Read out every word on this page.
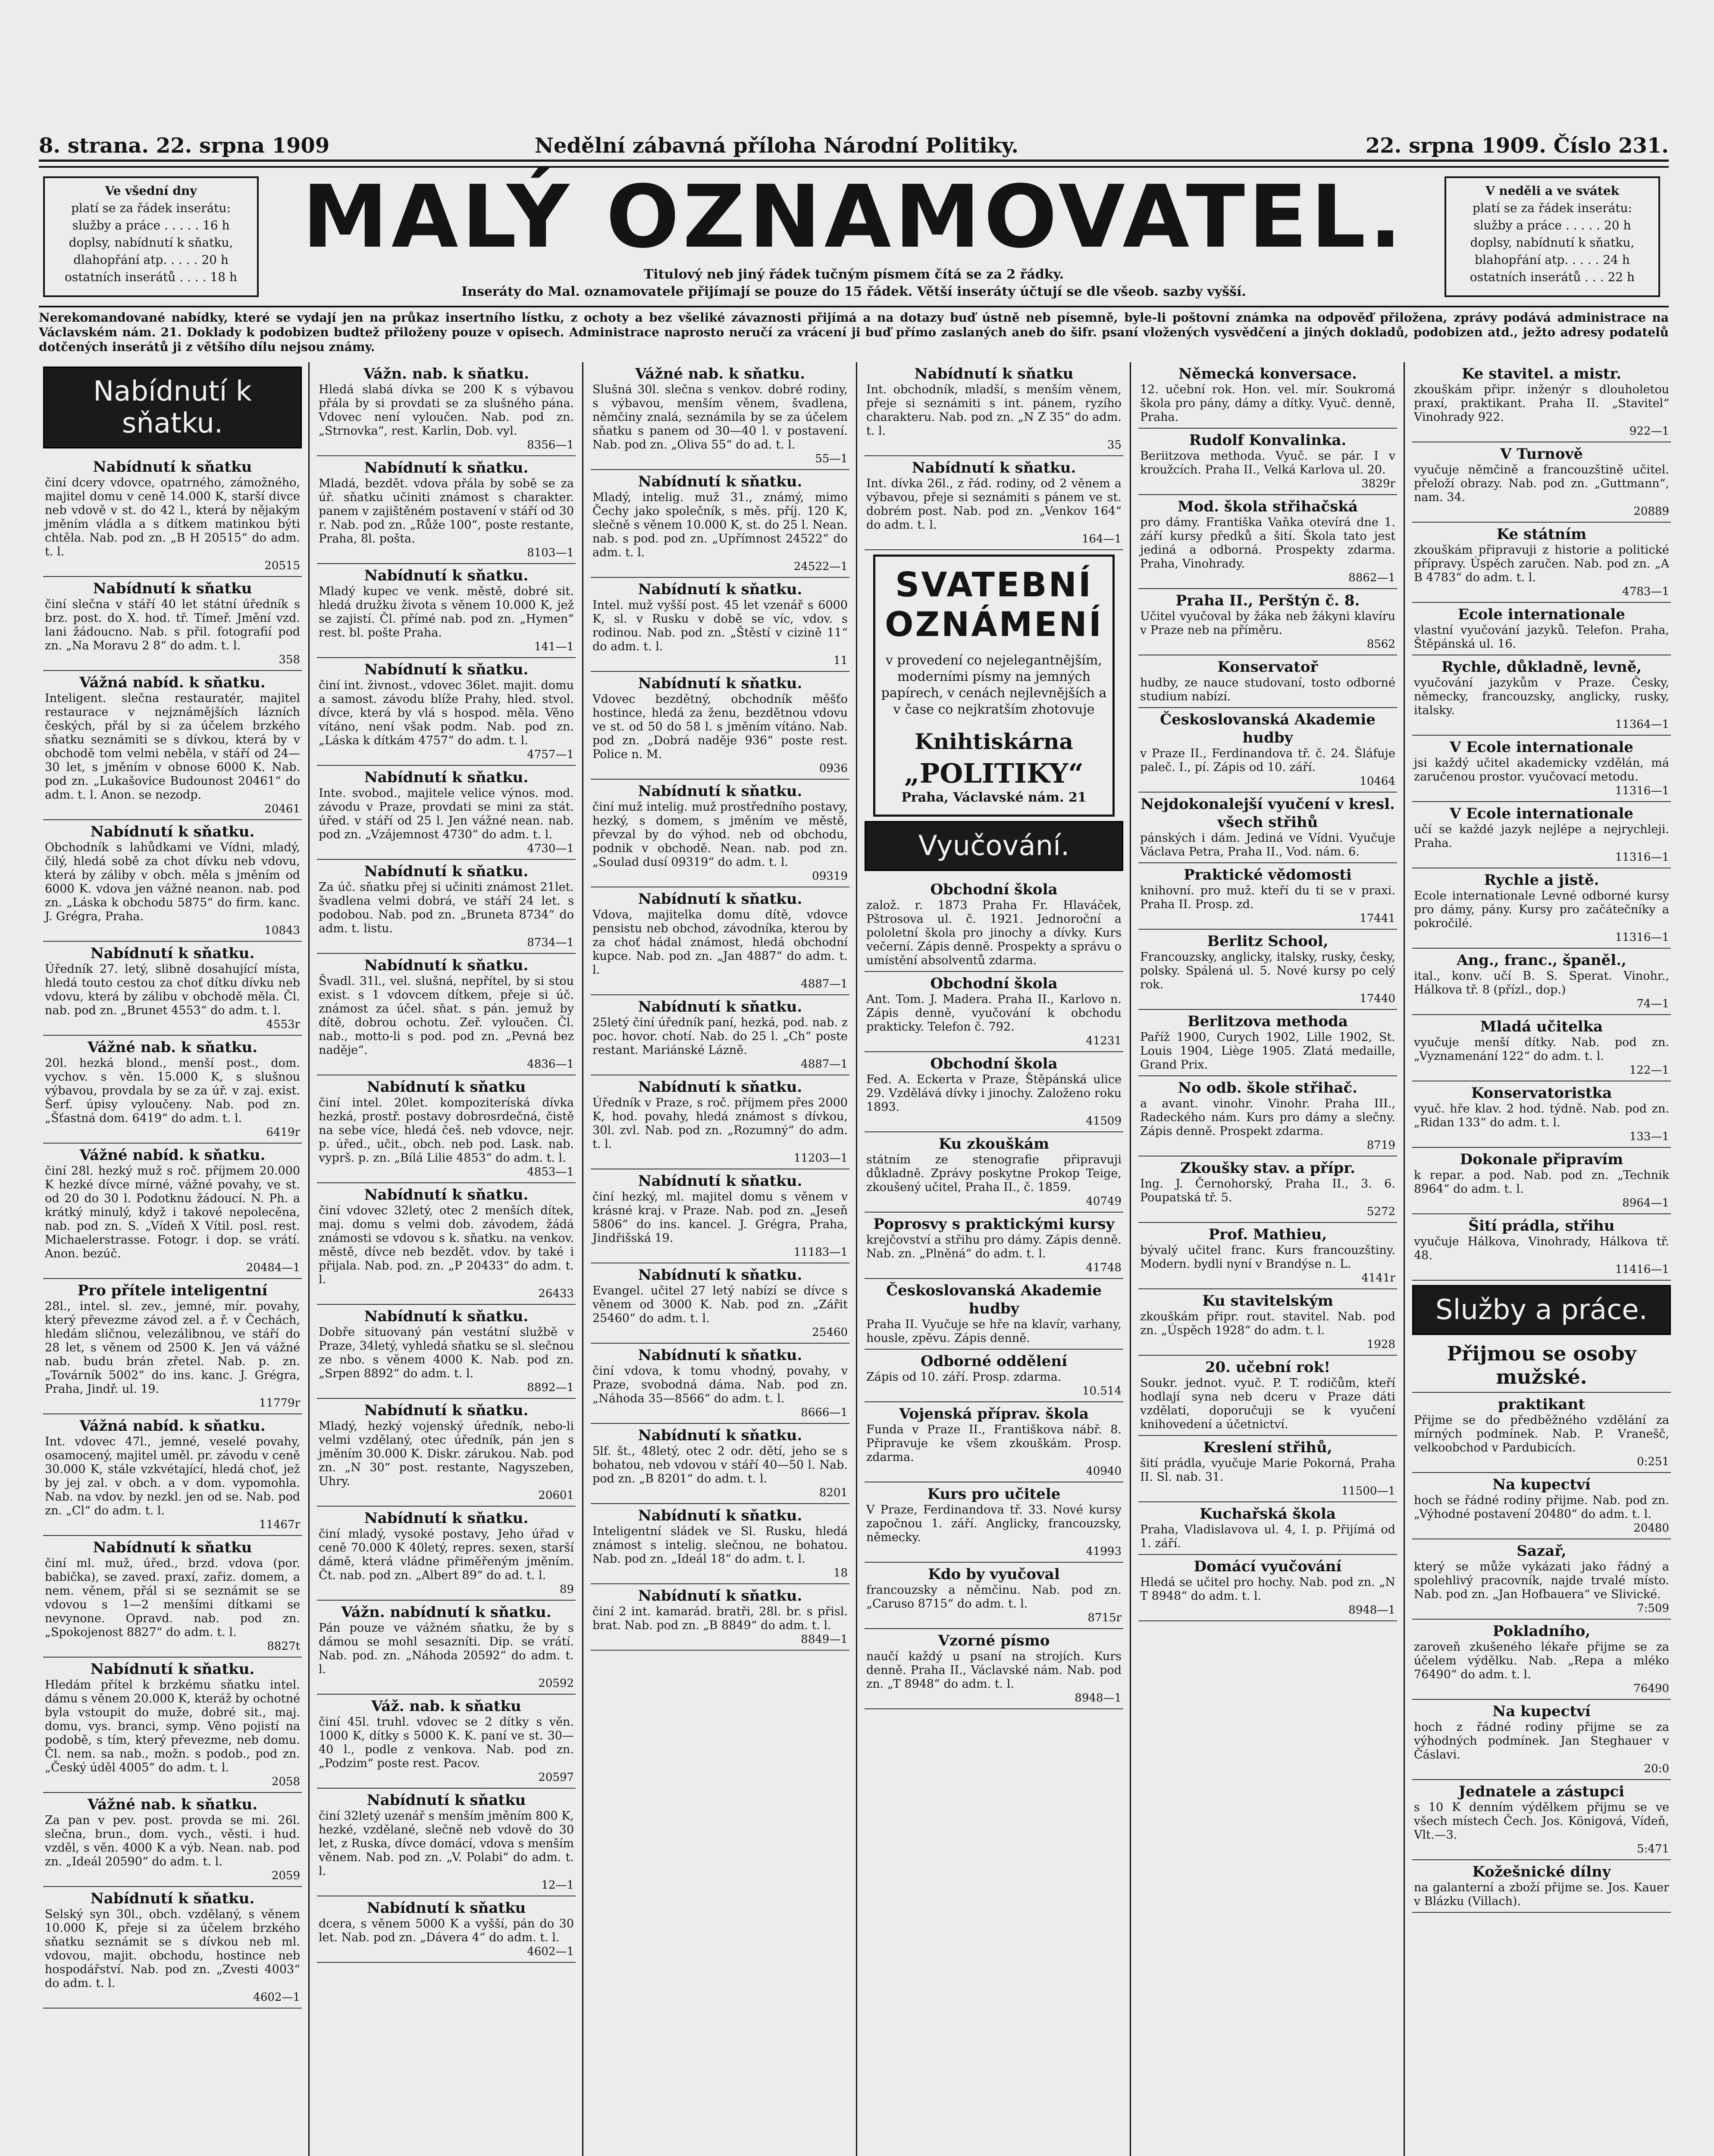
8. strana. 22. srpna 1909	Nedělní zábavná příloha Národní Politiky.	22. srpna 1909. Číslo 231.
Ve všední dny
platí se za řádek inserátu:
služby a práce . . . . . 16 h
doplsy, nabídnutí k sňatku,
dlahopřání atp. . . . . 20 h
ostatních inserátů . . . . 18 h
MALÝ OZNAMOVATEL.
Titulový neb jiný řádek tučným písmem čítá se za 2 řádky.
Inseráty do Mal. oznamovatele přijímají se pouze do 15 řádek. Větší inseráty účtují se dle všeob. sazby vyšší.
V neděli a ve svátek
platí se za řádek inserátu:
služby a práce . . . . . 20 h
doplsy, nabídnutí k sňatku,
blahopřání atp. . . . . 24 h
ostatních inserátů . . . 22 h
Nerekomandované nabídky, které se vydají jen na průkaz insertního lístku, z ochoty a bez všeliké závaznosti přijímá a na dotazy buď ústně neb písemně, byle-li poštovní známka na odpověď přiložena, zprávy podává administrace na Václavském nám. 21. Doklady k podobizen budtež přiloženy pouze v opisech. Administrace naprosto neručí za vrácení ji buď přímo zaslaných aneb do šifr. psaní vložených vysvědčení a jiných dokladů, podobizen atd., ježto adresy podatelů dotčených inserátů ji z většího dílu nejsou známy.
Nabídnutí k sňatku.
Nabídnutí k sňatku
činí dcery vdovce, opatrného, zámožného, majitel domu v ceně 14.000 K, starší divce neb vdově v st. do 42 l., která by nějakým jměním vládla a s dítkem matinkou býti chtěla. Nab. pod zn. „B H 20515“ do adm. t. l.
20515
Nabídnutí k sňatku
činí slečna v stáří 40 let státní úředník s brz. post. do X. hod. tř. Tímeř. Jmění vzd. lani žádoucno. Nab. s přil. fotografií pod zn. „Na Moravu 2 8“ do adm. t. l.
358
Vážná nabíd. k sňatku.
Inteligent. slečna restauratér, majitel restaurace v nejznámějších lázních českých, přál by si za účelem brzkého sňatku seznámiti se s dívkou, která by v obchodě tom velmi neběla, v stáří od 24—30 let, s jměním v obnose 6000 K. Nab. pod zn. „Lukašovice Budounost 20461“ do adm. t. l. Anon. se nezodp.
20461
Nabídnutí k sňatku.
Obchodník s lahůdkami ve Vídni, mladý, čilý, hledá sobě za chot dívku neb vdovu, která by záliby v obch. měla s jměním od 6000 K. vdova jen vážné neanon. nab. pod zn. „Láska k obchodu 5875“ do firm. kanc. J. Grégra, Praha.
10843
Nabídnutí k sňatku.
Úředník 27. letý, slibně dosahující místa, hledá touto cestou za choť dítku dívku neb vdovu, která by zálibu v obchodě měla. Čl. nab. pod zn. „Brunet 4553“ do adm. t. l.
4553r
Vážné nab. k sňatku.
20l. hezká blond., menší post., dom. vychov. s věn. 15.000 K, s slušnou výbavou, provdala by se za úř. v zaj. exist. Šerf. úpisy vyloučeny. Nab. pod zn. „Šťastná dom. 6419“ do adm. t. l.
6419r
Vážné nabíd. k sňatku.
činí 28l. hezký muž s roč. příjmem 20.000 K hezké dívce mírné, vážné povahy, ve st. od 20 do 30 l. Podotknu žádoucí. N. Ph. a krátký minulý, když i takové nepolecěna, nab. pod zn. S. „Vídeň X Vítil. posl. rest. Michaelerstrasse. Fotogr. i dop. se vrátí. Anon. bezúč.
20484—1
Pro přítele inteligentní
28l., intel. sl. zev., jemné, mír. povahy, který převezme závod zel. a ř. v Čechách, hledám sličnou, velezálibnou, ve stáří do 28 let, s věnem od 2500 K. Jen vá vážné nab. budu brán zřetel. Nab. p. zn. „Továrník 5002“ do ins. kanc. J. Grégra, Praha, Jindř. ul. 19.
11779r
Vážná nabíd. k sňatku.
Int. vdovec 47l., jemné, veselé povahy, osamocený, majitel uměl. pr. závodu v ceně 30.000 K, stále vzkvétající, hledá choť, jež by jej zal. v obch. a v dom. vypomohla. Nab. na vdov. by nezkl. jen od se. Nab. pod zn. „Cl“ do adm. t. l.
11467r
Nabídnutí k sňatku
činí ml. muž, úřed., brzd. vdova (por. babička), se zaved. praxí, zařiz. domem, a nem. věnem, přál si se seznámit se se vdovou s 1—2 menšími dítkami se nevynone. Opravd. nab. pod zn. „Spokojenost 8827“ do adm. t. l.
8827t
Nabídnutí k sňatku.
Hledám přítel k brzkému sňatku intel. dámu s věnem 20.000 K, kteráž by ochotné byla vstoupit do muže, dobré sit., maj. domu, vys. branci, symp. Věno pojistí na podobě, s tím, který převezme, neb domu. Čl. nem. sa nab., možn. s podob., pod zn. „Český úděl 4005“ do adm. t. l.
2058
Vážné nab. k sňatku.
Za pan v pev. post. provda se mi. 26l. slečna, brun., dom. vych., věsti. i hud. vzděl, s věn. 4000 K a výb. Nean. nab. pod zn. „Ideál 20590“ do adm. t. l.
2059
Nabídnutí k sňatku.
Selský syn 30l., obch. vzdělaný, s věnem 10.000 K, přeje si za účelem brzkého sňatku seznámit se s dívkou neb ml. vdovou, majit. obchodu, hostince neb hospodářství. Nab. pod zn. „Zvesti 4003“ do adm. t. l.
4602—1
Vážn. nab. k sňatku.
Hledá slabá dívka se 200 K s výbavou přála by si provdati se za slušného pána. Vdovec není vyloučen. Nab. pod zn. „Strnovka“, rest. Karlin, Dob. vyl.
8356—1
Nabídnutí k sňatku.
Mladá, bezdět. vdova přála by sobě se za úř. sňatku učiniti známost s charakter. panem v zajištěném postavení v stáří od 30 r. Nab. pod zn. „Růže 100“, poste restante, Praha, 8l. pošta.
8103—1
Nabídnutí k sňatku.
Mladý kupec ve venk. městě, dobré sit. hledá družku života s věnem 10.000 K, jež se zajistí. Čl. přímé nab. pod zn. „Hymen“ rest. bl. pošte Praha.
141—1
Nabídnutí k sňatku.
činí int. živnost., vdovec 36let. majit. domu a samost. závodu blíže Prahy, hled. stvol. dívce, která by vlá s hospod. měla. Věno vítáno, není však podm. Nab. pod zn. „Láska k dítkám 4757“ do adm. t. l.
4757—1
Nabídnutí k sňatku.
Inte. svobod., majitele velice výnos. mod. závodu v Praze, provdati se mini za stát. úřed. v stáří od 25 l. Jen vážné nean. nab. pod zn. „Vzájemnost 4730“ do adm. t. l.
4730—1
Nabídnutí k sňatku.
Za úč. sňatku přej si učiniti známost 21let. švadlena velmi dobrá, ve stáří 24 let. s podobou. Nab. pod zn. „Bruneta 8734“ do adm. t. listu.
8734—1
Nabídnutí k sňatku.
Švadl. 31l., vel. slušná, nepřítel, by si stou exist. s 1 vdovcem dítkem, přeje si úč. známost za účel. sňat. s pán. jemuž by dítě, dobrou ochotu. Zeř. vyloučen. Čl. nab., motto-li s pod. pod zn. „Pevná bez naděje“.
4836—1
Nabídnutí k sňatku
činí intel. 20let. kompoziteríská dívka hezká, prostř. postavy dobrosrdečná, čistě na sebe více, hledá češ. neb vdovce, nejr. p. úřed., učit., obch. neb pod. Lask. nab. vyprš. p. zn. „Bílá Lilie 4853“ do adm. t. l.
4853—1
Nabídnutí k sňatku.
činí vdovec 32letý, otec 2 menších dítek, maj. domu s velmi dob. závodem, žádá známosti se vdovou s k. sňatku. na venkov. městě, dívce neb bezdět. vdov. by také i přijala. Nab. pod. zn. „P 20433“ do adm. t. l.
26433
Nabídnutí k sňatku.
Dobře situovaný pán vestátní službě v Praze, 34letý, vyhledá sňatku se sl. slečnou ze nbo. s věnem 4000 K. Nab. pod zn. „Srpen 8892“ do adm. t. l.
8892—1
Nabídnutí k sňatku.
Mladý, hezký vojenský úředník, nebo-li velmi vzdělaný, otec úředník, pán jen s jměním 30.000 K. Diskr. zárukou. Nab. pod zn. „N 30“ post. restante, Nagyszeben, Uhry.
20601
Nabídnutí k sňatku.
činí mladý, vysoké postavy, Jeho úřad v ceně 70.000 K 40letý, repres. sexen, starší dámě, která vládne přiměřeným jměním. Čt. nab. pod zn. „Albert 89“ do ad. t. l.
89
Vážn. nabídnutí k sňatku.
Pán pouze ve vážném sňatku, že by s dámou se mohl sesazníti. Dip. se vrátí. Nab. pod. zn. „Náhoda 20592“ do adm. t. l.
20592
Váž. nab. k sňatku
činí 45l. truhl. vdovec se 2 dítky s věn. 1000 K, dítky s 5000 K. K. paní ve st. 30—40 l., podle z venkova. Nab. pod zn. „Podzim“ poste rest. Pacov.
20597
Nabídnutí k sňatku
činí 32letý uzenář s menším jměním 800 K, hezké, vzdělané, slečně neb vdově do 30 let, z Ruska, dívce domácí, vdova s menším věnem. Nab. pod zn. „V. Polabi“ do adm. t. l.
12—1
Nabídnutí k sňatku
dcera, s věnem 5000 K a vyšší, pán do 30 let. Nab. pod zn. „Dávera 4“ do adm. t. l.
4602—1
Vážné nab. k sňatku.
Slušná 30l. slečna s venkov. dobré rodiny, s výbavou, menším věnem, švadlena, němčiny znalá, seznámila by se za účelem sňatku s panem od 30—40 l. v postavení. Nab. pod zn. „Oliva 55“ do ad. t. l.
55—1
Nabídnutí k sňatku.
Mladý, intelig. muž 31., známý, mimo Čechy jako společník, s měs. příj. 120 K, slečně s věnem 10.000 K, st. do 25 l. Nean. nab. s pod. pod zn. „Upřímnost 24522“ do adm. t. l.
24522—1
Nabídnutí k sňatku.
Intel. muž vyšší post. 45 let vzenář s 6000 K, sl. v Rusku v době se víc, vdov. s rodinou. Nab. pod zn. „Štěstí v cizině 11“ do adm. t. l.
11
Nabídnutí k sňatku.
Vdovec bezdětný, obchodník měšťo hostince, hledá za ženu, bezdětnou vdovu ve st. od 50 do 58 l. s jměním vítáno. Nab. pod zn. „Dobrá naděje 936“ poste rest. Police n. M.
0936
Nabídnutí k sňatku.
činí muž intelig. muž prostředního postavy, hezký, s domem, s jměním ve městě, převzal by do výhod. neb od obchodu, podnik v obchodě. Nean. nab. pod zn. „Soulad dusí 09319“ do adm. t. l.
09319
Nabídnutí k sňatku.
Vdova, majitelka domu dítě, vdovce pensistu neb obchod, závodníka, kterou by za choť hádal známost, hledá obchodní kupce. Nab. pod zn. „Jan 4887“ do adm. t. l.
4887—1
Nabídnutí k sňatku.
25letý činí úředník paní, hezká, pod. nab. z poc. hovor. chotí. Nab. do 25 l. „Ch“ poste restant. Mariánské Lázně.
4887—1
Nabídnutí k sňatku.
Úředník v Praze, s roč. příjmem přes 2000 K, hod. povahy, hledá známost s dívkou, 30l. zvl. Nab. pod zn. „Rozumný“ do adm. t. l.
11203—1
Nabídnutí k sňatku.
činí hezký, ml. majitel domu s věnem v krásné kraj. v Praze. Nab. pod zn. „Jeseň 5806“ do ins. kancel. J. Grégra, Praha, Jindřišská 19.
11183—1
Nabídnutí k sňatku.
Evangel. učitel 27 letý nabízí se dívce s věnem od 3000 K. Nab. pod zn. „Zářit 25460“ do adm. t. l.
25460
Nabídnutí k sňatku.
činí vdova, k tomu vhodný, povahy, v Praze, svobodná dáma. Nab. pod zn. „Náhoda 35—8566“ do adm. t. l.
8666—1
Nabídnutí k sňatku.
5lf. št., 48letý, otec 2 odr. dětí, jeho se s bohatou, neb vdovou v stáří 40—50 l. Nab. pod zn. „B 8201“ do adm. t. l.
8201
Nabídnutí k sňatku.
Inteligentní sládek ve Sl. Rusku, hledá známost s intelig. slečnou, ne bohatou. Nab. pod zn. „Ideál 18“ do adm. t. l.
18
Nabídnutí k sňatku.
činí 2 int. kamarád. bratři, 28l. br. s přisl. brat. Nab. pod zn. „B 8849“ do adm. t. l.
8849—1
Nabídnutí k sňatku
Int. obchodník, mladší, s menším věnem, přeje si seznámiti s int. pánem, ryzího charakteru. Nab. pod zn. „N Z 35“ do adm. t. l.
35
Nabídnutí k sňatku.
Int. dívka 26l., z řád. rodiny, od 2 věnem a výbavou, přeje si seznámiti s pánem ve st. dobrém post. Nab. pod zn. „Venkov 164“ do adm. t. l.
164—1
SVATEBNÍ OZNÁMENÍ
v provedení co nejelegantnějším, moderními písmy na jemných papírech, v cenách nejlevnějších a v čase co nejkratším zhotovuje
Knihtiskárna
„POLITIKY“
Praha, Václavské nám. 21
Vyučování.
Obchodní škola
založ. r. 1873 Praha Fr. Hlaváček, Pštrosova ul. č. 1921. Jednoroční a pololetní škola pro jinochy a dívky. Kurs večerní. Zápis denně. Prospekty a správu o umístění absolventů zdarma.
Obchodní škola
Ant. Tom. J. Madera. Praha II., Karlovo n. Zápis denně, vyučování k obchodu prakticky. Telefon č. 792.
41231
Obchodní škola
Fed. A. Eckerta v Praze, Štěpánská ulice 29. Vzdělává dívky i jinochy. Založeno roku 1893.
41509
Ku zkouškám
státním ze stenografie připravuji důkladně. Zprávy poskytne Prokop Teige, zkoušený učitel, Praha II., č. 1859.
40749
Poprosvy s praktickými kursy
krejčovství a střihu pro dámy. Zápis denně. Nab. zn. „Plněná“ do adm. t. l.
41748
Českoslovanská Akademie hudby
Praha II. Vyučuje se hře na klavír, varhany, housle, zpěvu. Zápis denně.
Odborné oddělení
Zápis od 10. září. Prosp. zdarma.
10.514
Vojenská příprav. škola
Funda v Praze II., Františkova nábř. 8. Připravuje ke všem zkouškám. Prosp. zdarma.
40940
Kurs pro učitele
V Praze, Ferdinandova tř. 33. Nové kursy započnou 1. září. Anglicky, francouzsky, německy.
41993
Kdo by vyučoval
francouzsky a němčinu. Nab. pod zn. „Caruso 8715“ do adm. t. l.
8715r
Vzorné písmo
naučí každý u psaní na strojích. Kurs denně. Praha II., Václavské nám. Nab. pod zn. „T 8948“ do adm. t. l.
8948—1
Německá konversace.
12. učební rok. Hon. vel. mír. Soukromá škola pro pány, dámy a dítky. Vyuč. denně, Praha.
Rudolf Konvalinka.
Beriitzova methoda. Vyuč. se pár. I v kroužcích. Praha II., Velká Karlova ul. 20.
3829r
Mod. škola střihačská
pro dámy. Františka Vaňka otevírá dne 1. září kursy předků a šití. Škola tato jest jediná a odborná. Prospekty zdarma. Praha, Vinohrady.
8862—1
Praha II., Perštýn č. 8.
Učitel vyučoval by žáka neb žákyni klavíru v Praze neb na příměru.
8562
Konservatoř
hudby, ze nauce studovaní, tosto odborné studium nabízí.
Českoslovanská Akademie hudby
v Praze II., Ferdinandova tř. č. 24. Šláfuje paleč. I., pí. Zápis od 10. září.
10464
Nejdokonalejší vyučení v kresl. všech střihů
pánských i dám. Jediná ve Vídni. Vyučuje Václava Petra, Praha II., Vod. nám. 6.
Praktické vědomosti
knihovní. pro muž. kteří du ti se v praxi. Praha II. Prosp. zd.
17441
Berlitz School,
Francouzsky, anglicky, italsky, rusky, česky, polsky. Spálená ul. 5. Nové kursy po celý rok.
17440
Berlitzova methoda
Paříž 1900, Curych 1902, Lille 1902, St. Louis 1904, Liège 1905. Zlatá medaille, Grand Prix.
No odb. škole střihač.
a avant. vinohr. Vinohr. Praha III., Radeckého nám. Kurs pro dámy a slečny. Zápis denně. Prospekt zdarma.
8719
Zkoušky stav. a přípr.
Ing. J. Černohorský, Praha II., 3. 6. Poupatská tř. 5.
5272
Prof. Mathieu,
bývalý učitel franc. Kurs francouzštiny. Modern. bydli nyní v Brandýse n. L.
4141r
Ku stavitelským
zkouškám připr. rout. stavitel. Nab. pod zn. „Úspěch 1928“ do adm. t. l.
1928
20. učební rok!
Soukr. jednot. vyuč. P. T. rodičům, kteří hodlají syna neb dceru v Praze dáti vzdělati, doporučuji se k vyučení knihovedení a účetnictví.
Kreslení střihů,
šití prádla, vyučuje Marie Pokorná, Praha II. Sl. nab. 31.
11500—1
Kuchařská škola
Praha, Vladislavova ul. 4, I. p. Přijímá od 1. září.
Domácí vyučování
Hledá se učitel pro hochy. Nab. pod zn. „N T 8948“ do adm. t. l.
8948—1
Ke stavitel. a mistr.
zkouškám připr. inženýr s dlouholetou praxí, praktikant. Praha II. „Stavitel“ Vinohrady 922.
922—1
V Turnově
vyučuje němčině a francouzštině učitel. přeloží obrazy. Nab. pod zn. „Guttmann“, nam. 34.
20889
Ke státním
zkouškám připravuji z historie a politické přípravy. Úspěch zaručen. Nab. pod zn. „A B 4783“ do adm. t. l.
4783—1
Ecole internationale
vlastní vyučování jazyků. Telefon. Praha, Štěpánská ul. 16.
Rychle, důkladně, levně,
vyučování jazykům v Praze. Česky, německy, francouzsky, anglicky, rusky, italsky.
11364—1
V Ecole internationale
jsi každý učitel akademicky vzdělán, má zaručenou prostor. vyučovací metodu.
11316—1
V Ecole internationale
učí se každé jazyk nejlépe a nejrychleji. Praha.
11316—1
Rychle a jistě.
Ecole internationale Levné odborné kursy pro dámy, pány. Kursy pro začátečníky a pokročilé.
11316—1
Ang., franc., španěl.,
ital., konv. učí B. S. Sperat. Vinohr., Hálkova tř. 8 (přízl., dop.)
74—1
Mladá učitelka
vyučuje menší dítky. Nab. pod zn. „Vyznamenání 122“ do adm. t. l.
122—1
Konservatoristka
vyuč. hře klav. 2 hod. týdně. Nab. pod zn. „Ridan 133“ do adm. t. l.
133—1
Dokonale připravím
k repar. a pod. Nab. pod zn. „Technik 8964“ do adm. t. l.
8964—1
Šití prádla, střihu
vyučuje Hálkova, Vinohrady, Hálkova tř. 48.
11416—1
Služby a práce.
Přijmou se osoby mužské.
praktikant
Přijme se do předběžného vzdělání za mírných podmínek. Nab. P. Vranešč, velkoobchod v Pardubicích.
0:251
Na kupectví
hoch se řádné rodiny přijme. Nab. pod zn. „Výhodné postavení 20480“ do adm. t. l.
20480
Sazař,
který se může vykázati jako řádný a spolehlivý pracovník, najde trvalé místo. Nab. pod zn. „Jan Hofbauera“ ve Slivické.
7:509
Pokladního,
zaroveň zkušeného lékaře přijme se za účelem výdělku. Nab. „Repa a mléko 76490“ do adm. t. l.
76490
Na kupectví
hoch z řádné rodiny přijme se za výhodných podmínek. Jan Steghauer v Čáslavi.
20:0
Jednatele a zástupci
s 10 K denním výdělkem přijmu se ve všech místech Čech. Jos. Königová, Vídeň, Vlt.—3.
5:471
Kožešnické dílny
na galanterní a zboží přijme se. Jos. Kauer v Blázku (Villach).
